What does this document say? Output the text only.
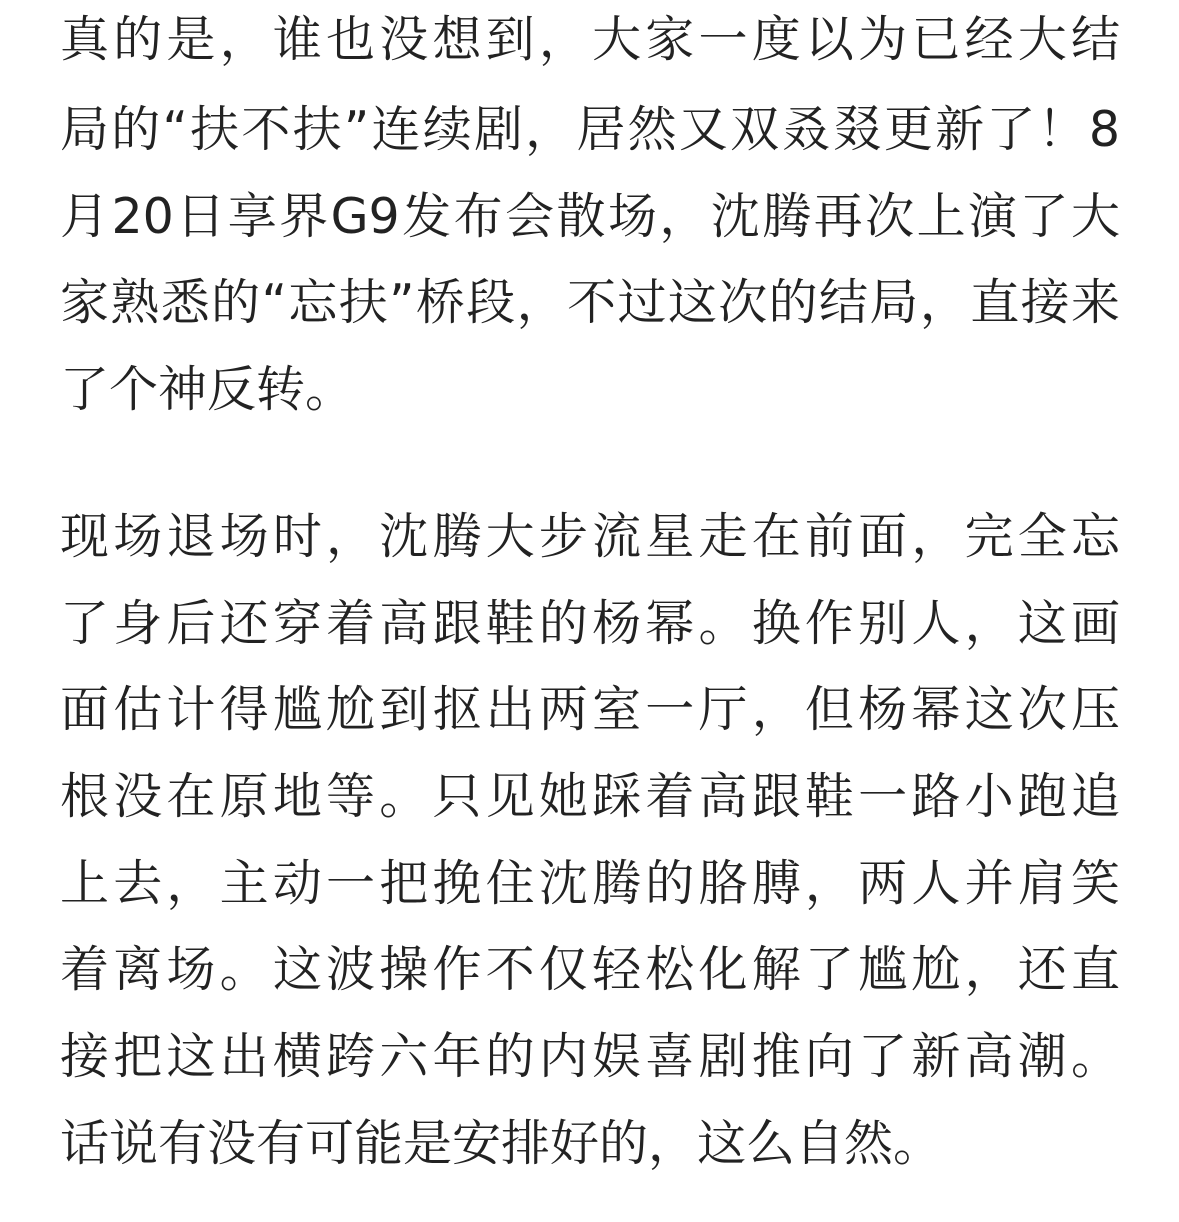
真的是，谁也没想到，大家一度以为已经大结
局的“扶不扶”连续剧，居然又双叒叕更新了！8
月20日享界G9发布会散场，沈腾再次上演了大
家熟悉的“忘扶”桥段，不过这次的结局，直接来
了个神反转。
现场退场时，沈腾大步流星走在前面，完全忘
了身后还穿着高跟鞋的杨幂。换作别人，这画
面估计得尴尬到抠出两室一厅，但杨幂这次压
根没在原地等。只见她踩着高跟鞋一路小跑追
上去，主动一把挽住沈腾的胳膊，两人并肩笑
着离场。这波操作不仅轻松化解了尴尬，还直
接把这出横跨六年的内娱喜剧推向了新高潮。
话说有没有可能是安排好的，这么自然。
